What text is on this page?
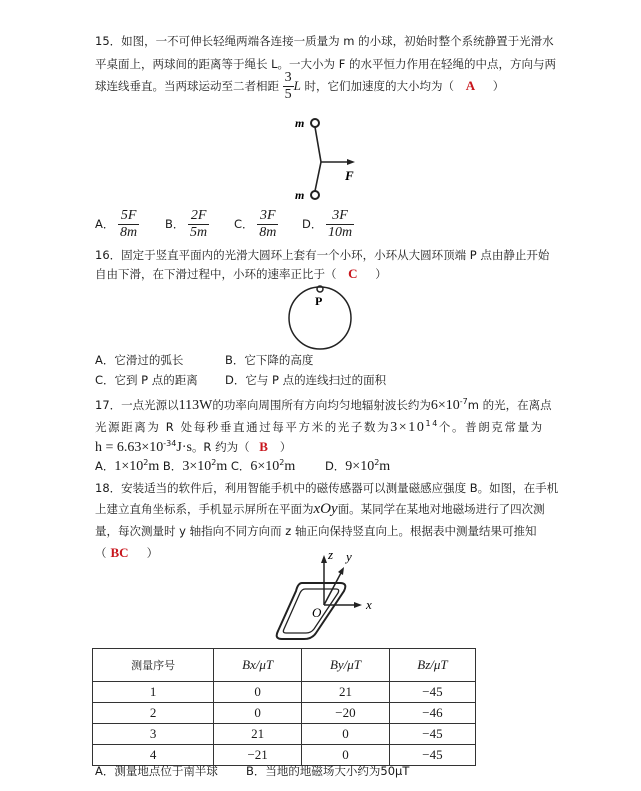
15．如图，一不可伸长轻绳两端各连接一质量为 m 的小球，初始时整个系统静置于光滑水
平桌面上，两球间的距离等于绳长 L。一大小为 F 的水平恒力作用在轻绳的中点，方向与两
球连线垂直。当两球运动至二者相距 $\frac{3}{5}$ L 时，它们加速度的大小均为（ A ）
m
m
F
A． $\frac{5F}{8m}$ B． $\frac{2F}{5m}$ C． $\frac{3F}{8m}$ D． $\frac{3F}{10m}$
16．固定于竖直平面内的光滑大圆环上套有一个小环，小环从大圆环顶端 P 点由静止开始
自由下滑，在下滑过程中，小环的速率正比于（ C ）
P
A．它滑过的弧长	B．它下降的高度
C．它到 P 点的距离 D．它与 P 点的连线扫过的面积
17．一点光源以113W的功率向周围所有方向均匀地辐射波长约为$6\times 10^{-7}m$ 的光，在离点
光源距离为 R 处每秒垂直通过每平方米的光子数为$3\times 10^{14}$个。普朗克常量为
$h = 6.63\times 10^{-34}J\cdot s$。R 约为（ B ）
A．$1\times 10^2m$ B．$3\times 10^2m$ C．$6\times 10^2m$	D．$9\times 10^2m$
18．安装适当的软件后，利用智能手机中的磁传感器可以测量磁感应强度 B。如图，在手机
上建立直角坐标系，手机显示屏所在平面为xOy面。某同学在某地对地磁场进行了四次测
量，每次测量时 y 轴指向不同方向而 z 轴正向保持竖直向上。根据表中测量结果可推知
（ BC ）	z y
x
O
测量序号	Bx/μT	By/μT	Bz/μT
1	0	21	−45
2	0	−20	−46
3	21	0	−45
4	−21	0	−45
A．测量地点位于南半球 B．当地的地磁场大小约为50μT
